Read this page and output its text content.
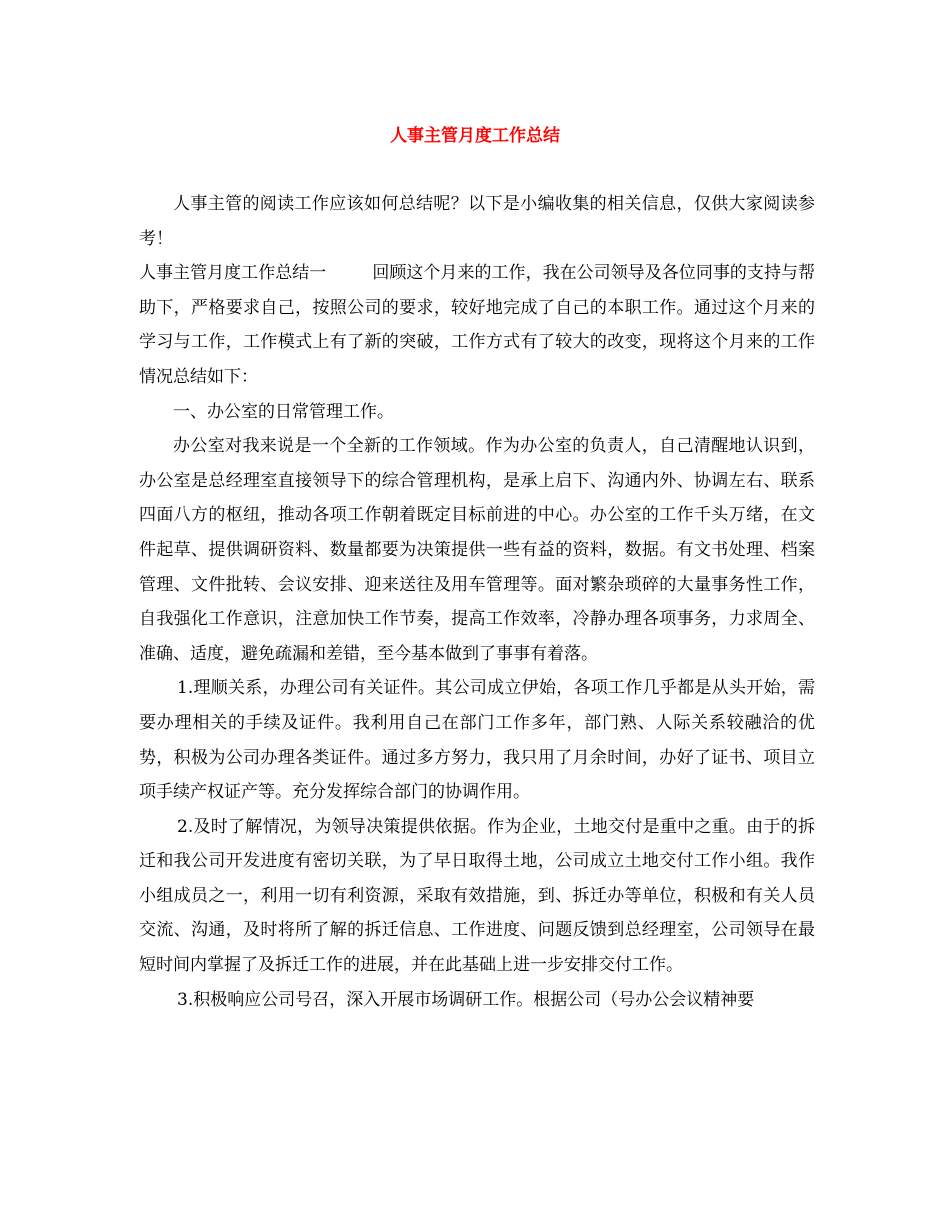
人事主管月度工作总结

人事主管的阅读工作应该如何总结呢？以下是小编收集的相关信息，仅供大家阅读参考！

人事主管月度工作总结一	回顾这个月来的工作，我在公司领导及各位同事的支持与帮助下，严格要求自己，按照公司的要求，较好地完成了自己的本职工作。通过这个月来的学习与工作，工作模式上有了新的突破，工作方式有了较大的改变，现将这个月来的工作情况总结如下：

一、办公室的日常管理工作。

办公室对我来说是一个全新的工作领域。作为办公室的负责人，自己清醒地认识到，办公室是总经理室直接领导下的综合管理机构，是承上启下、沟通内外、协调左右、联系四面八方的枢纽，推动各项工作朝着既定目标前进的中心。办公室的工作千头万绪，在文件起草、提供调研资料、数量都要为决策提供一些有益的资料，数据。有文书处理、档案管理、文件批转、会议安排、迎来送往及用车管理等。面对繁杂琐碎的大量事务性工作，自我强化工作意识，注意加快工作节奏，提高工作效率，冷静办理各项事务，力求周全、准确、适度，避免疏漏和差错，至今基本做到了事事有着落。

1.理顺关系，办理公司有关证件。其公司成立伊始，各项工作几乎都是从头开始，需要办理相关的手续及证件。我利用自己在部门工作多年，部门熟、人际关系较融洽的优势，积极为公司办理各类证件。通过多方努力，我只用了月余时间，办好了证书、项目立项手续产权证产等。充分发挥综合部门的协调作用。

2.及时了解情况，为领导决策提供依据。作为企业，土地交付是重中之重。由于的拆迁和我公司开发进度有密切关联，为了早日取得土地，公司成立土地交付工作小组。我作小组成员之一，利用一切有利资源，采取有效措施，到、拆迁办等单位，积极和有关人员交流、沟通，及时将所了解的拆迁信息、工作进度、问题反馈到总经理室，公司领导在最短时间内掌握了及拆迁工作的进展，并在此基础上进一步安排交付工作。

3.积极响应公司号召，深入开展市场调研工作。根据公司（号办公会议精神要
